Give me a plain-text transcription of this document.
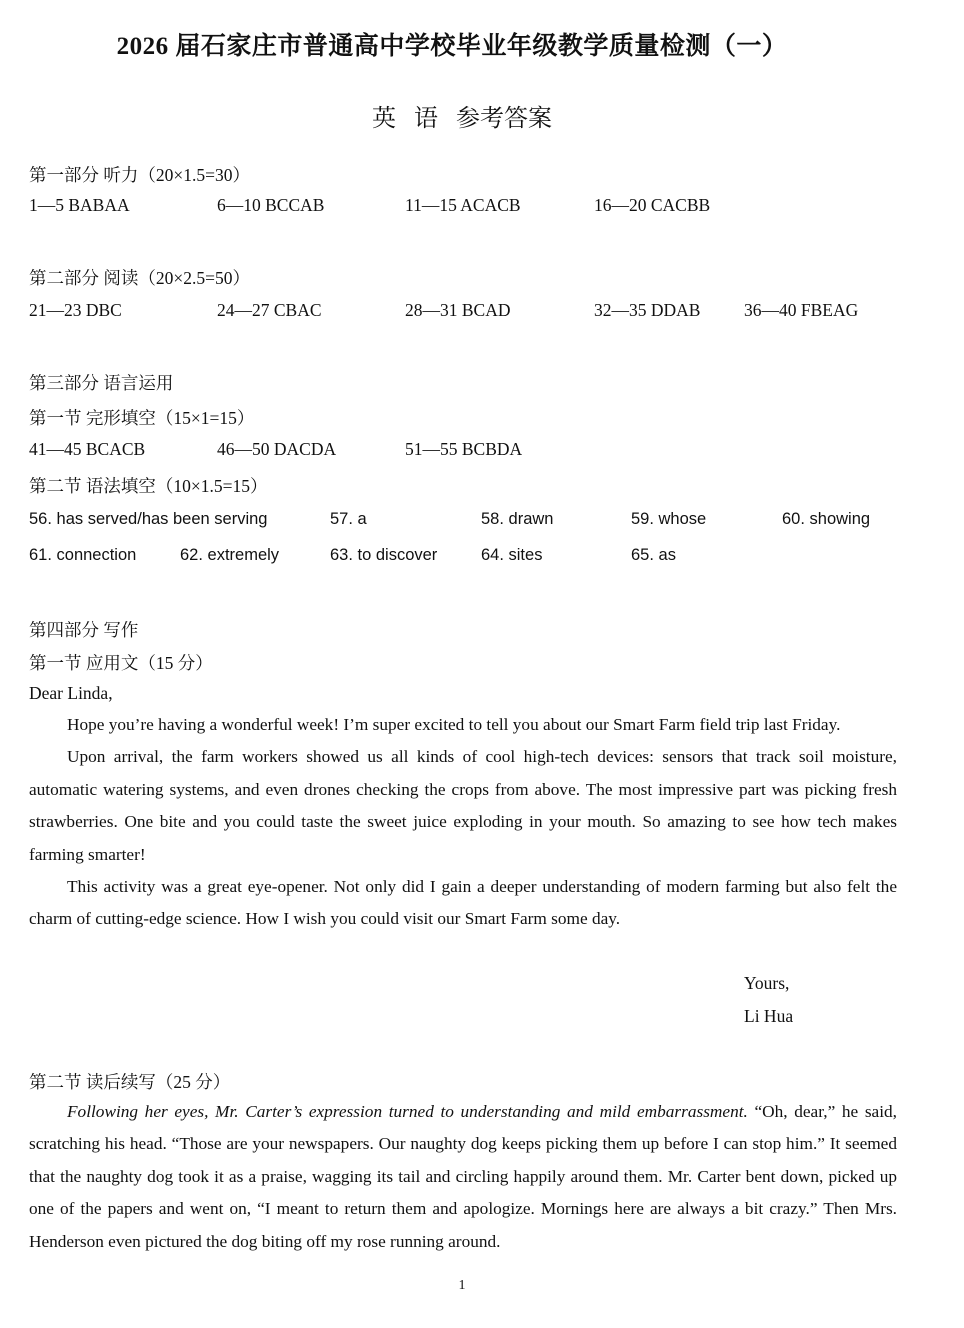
2026 届石家庄市普通高中学校毕业年级教学质量检测（一）
英 语 参考答案
第一部分 听力（20×1.5=30）
1—5 BABAA	6—10 BCCAB	11—15 ACACB	16—20 CACBB
第二部分 阅读（20×2.5=50）
21—23 DBC	24—27 CBAC	28—31 BCAD	32—35 DDAB 36—40 FBEAG
第三部分 语言运用
第一节 完形填空（15×1=15）
41—45 BCACB	46—50 DACDA	51—55 BCBDA
第二节 语法填空（10×1.5=15）
56. has served/has been serving	57. a	58. drawn	59. whose	60. showing
61. connection	62. extremely	63. to discover	64. sites	65. as
第四部分 写作
第一节 应用文（15 分）
Dear Linda,

Hope you’re having a wonderful week! I’m super excited to tell you about our Smart Farm field trip last Friday.

Upon arrival, the farm workers showed us all kinds of cool high-tech devices: sensors that track soil moisture, automatic watering systems, and even drones checking the crops from above. The most impressive part was picking fresh strawberries. One bite and you could taste the sweet juice exploding in your mouth. So amazing to see how tech makes farming smarter!

This activity was a great eye-opener. Not only did I gain a deeper understanding of modern farming but also felt the charm of cutting-edge science. How I wish you could visit our Smart Farm some day.

Yours,
Li Hua
第二节 读后续写（25 分）

Following her eyes, Mr. Carter’s expression turned to understanding and mild embarrassment. “Oh, dear,” he said, scratching his head. “Those are your newspapers. Our naughty dog keeps picking them up before I can stop him.” It seemed that the naughty dog took it as a praise, wagging its tail and circling happily around them. Mr. Carter bent down, picked up one of the papers and went on, “I meant to return them and apologize. Mornings here are always a bit crazy.” Then Mrs. Henderson even pictured the dog biting off my rose running around.

1
